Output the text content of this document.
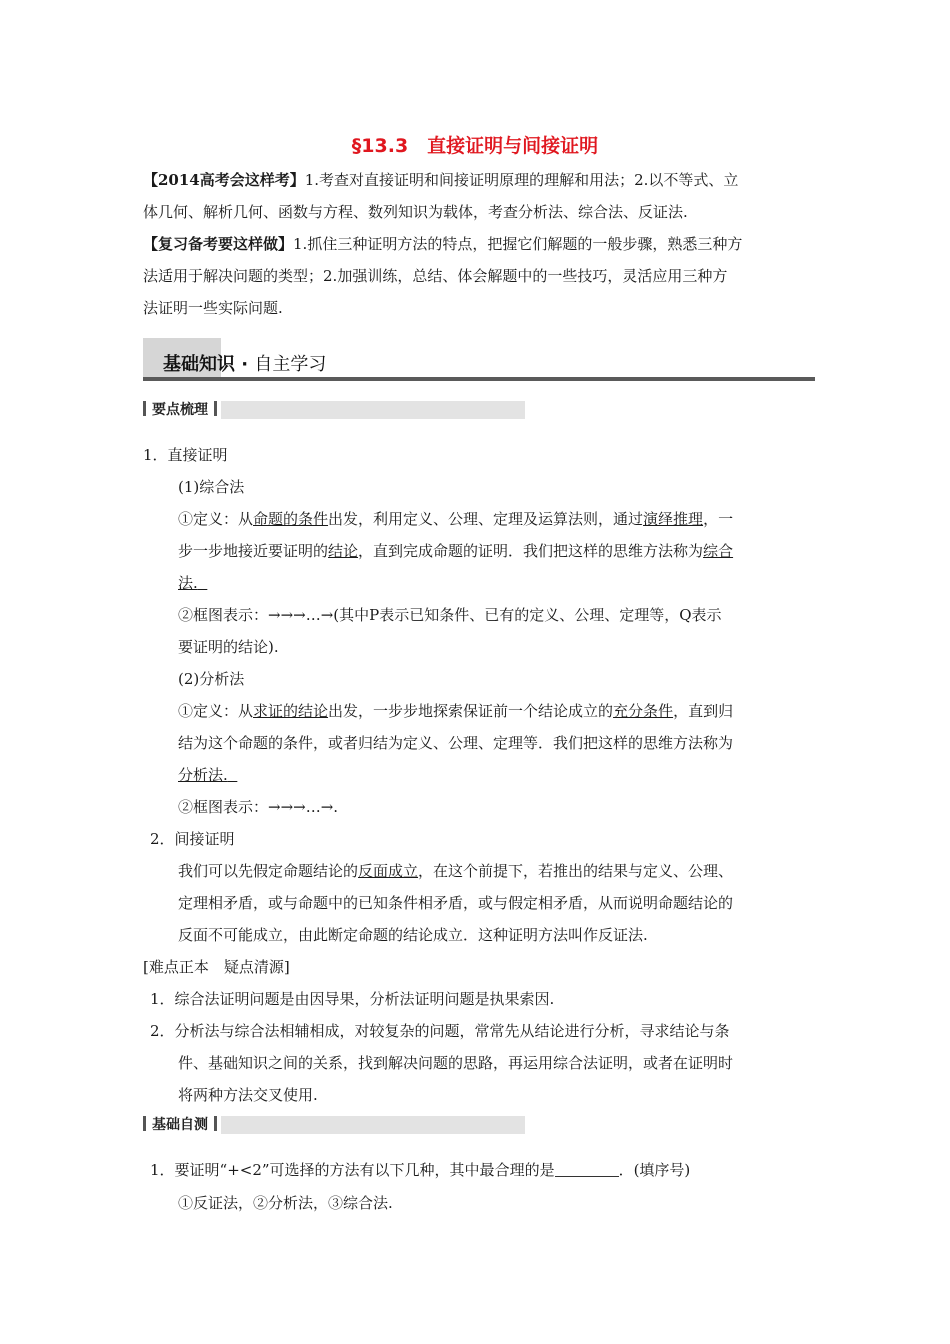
§13.3　直接证明与间接证明
【2014高考会这样考】1.考查对直接证明和间接证明原理的理解和用法；2.以不等式、立
体几何、解析几何、函数与方程、数列知识为载体，考查分析法、综合法、反证法.
【复习备考要这样做】1.抓住三种证明方法的特点，把握它们解题的一般步骤，熟悉三种方
法适用于解决问题的类型；2.加强训练，总结、体会解题中的一些技巧，灵活应用三种方
法证明一些实际问题.
基础知识 · 自主学习
要点梳理
1．直接证明
(1)综合法
①定义：从命题的条件出发，利用定义、公理、定理及运算法则，通过演绎推理，一
步一步地接近要证明的结论，直到完成命题的证明．我们把这样的思维方法称为综合
法.
②框图表示：→→→…→(其中P表示已知条件、已有的定义、公理、定理等，Q表示
要证明的结论).
(2)分析法
①定义：从求证的结论出发，一步步地探索保证前一个结论成立的充分条件，直到归
结为这个命题的条件，或者归结为定义、公理、定理等．我们把这样的思维方法称为
分析法.
②框图表示：→→→…→.
2．间接证明
我们可以先假定命题结论的反面成立，在这个前提下，若推出的结果与定义、公理、
定理相矛盾，或与命题中的已知条件相矛盾，或与假定相矛盾，从而说明命题结论的
反面不可能成立，由此断定命题的结论成立．这种证明方法叫作反证法.
[难点正本　疑点清源]
1．综合法证明问题是由因导果，分析法证明问题是执果索因.
2．分析法与综合法相辅相成，对较复杂的问题，常常先从结论进行分析，寻求结论与条
件、基础知识之间的关系，找到解决问题的思路，再运用综合法证明，或者在证明时
将两种方法交叉使用.
基础自测
1．要证明“+<2”可选择的方法有以下几种，其中最合理的是	．(填序号)
①反证法，②分析法，③综合法.
